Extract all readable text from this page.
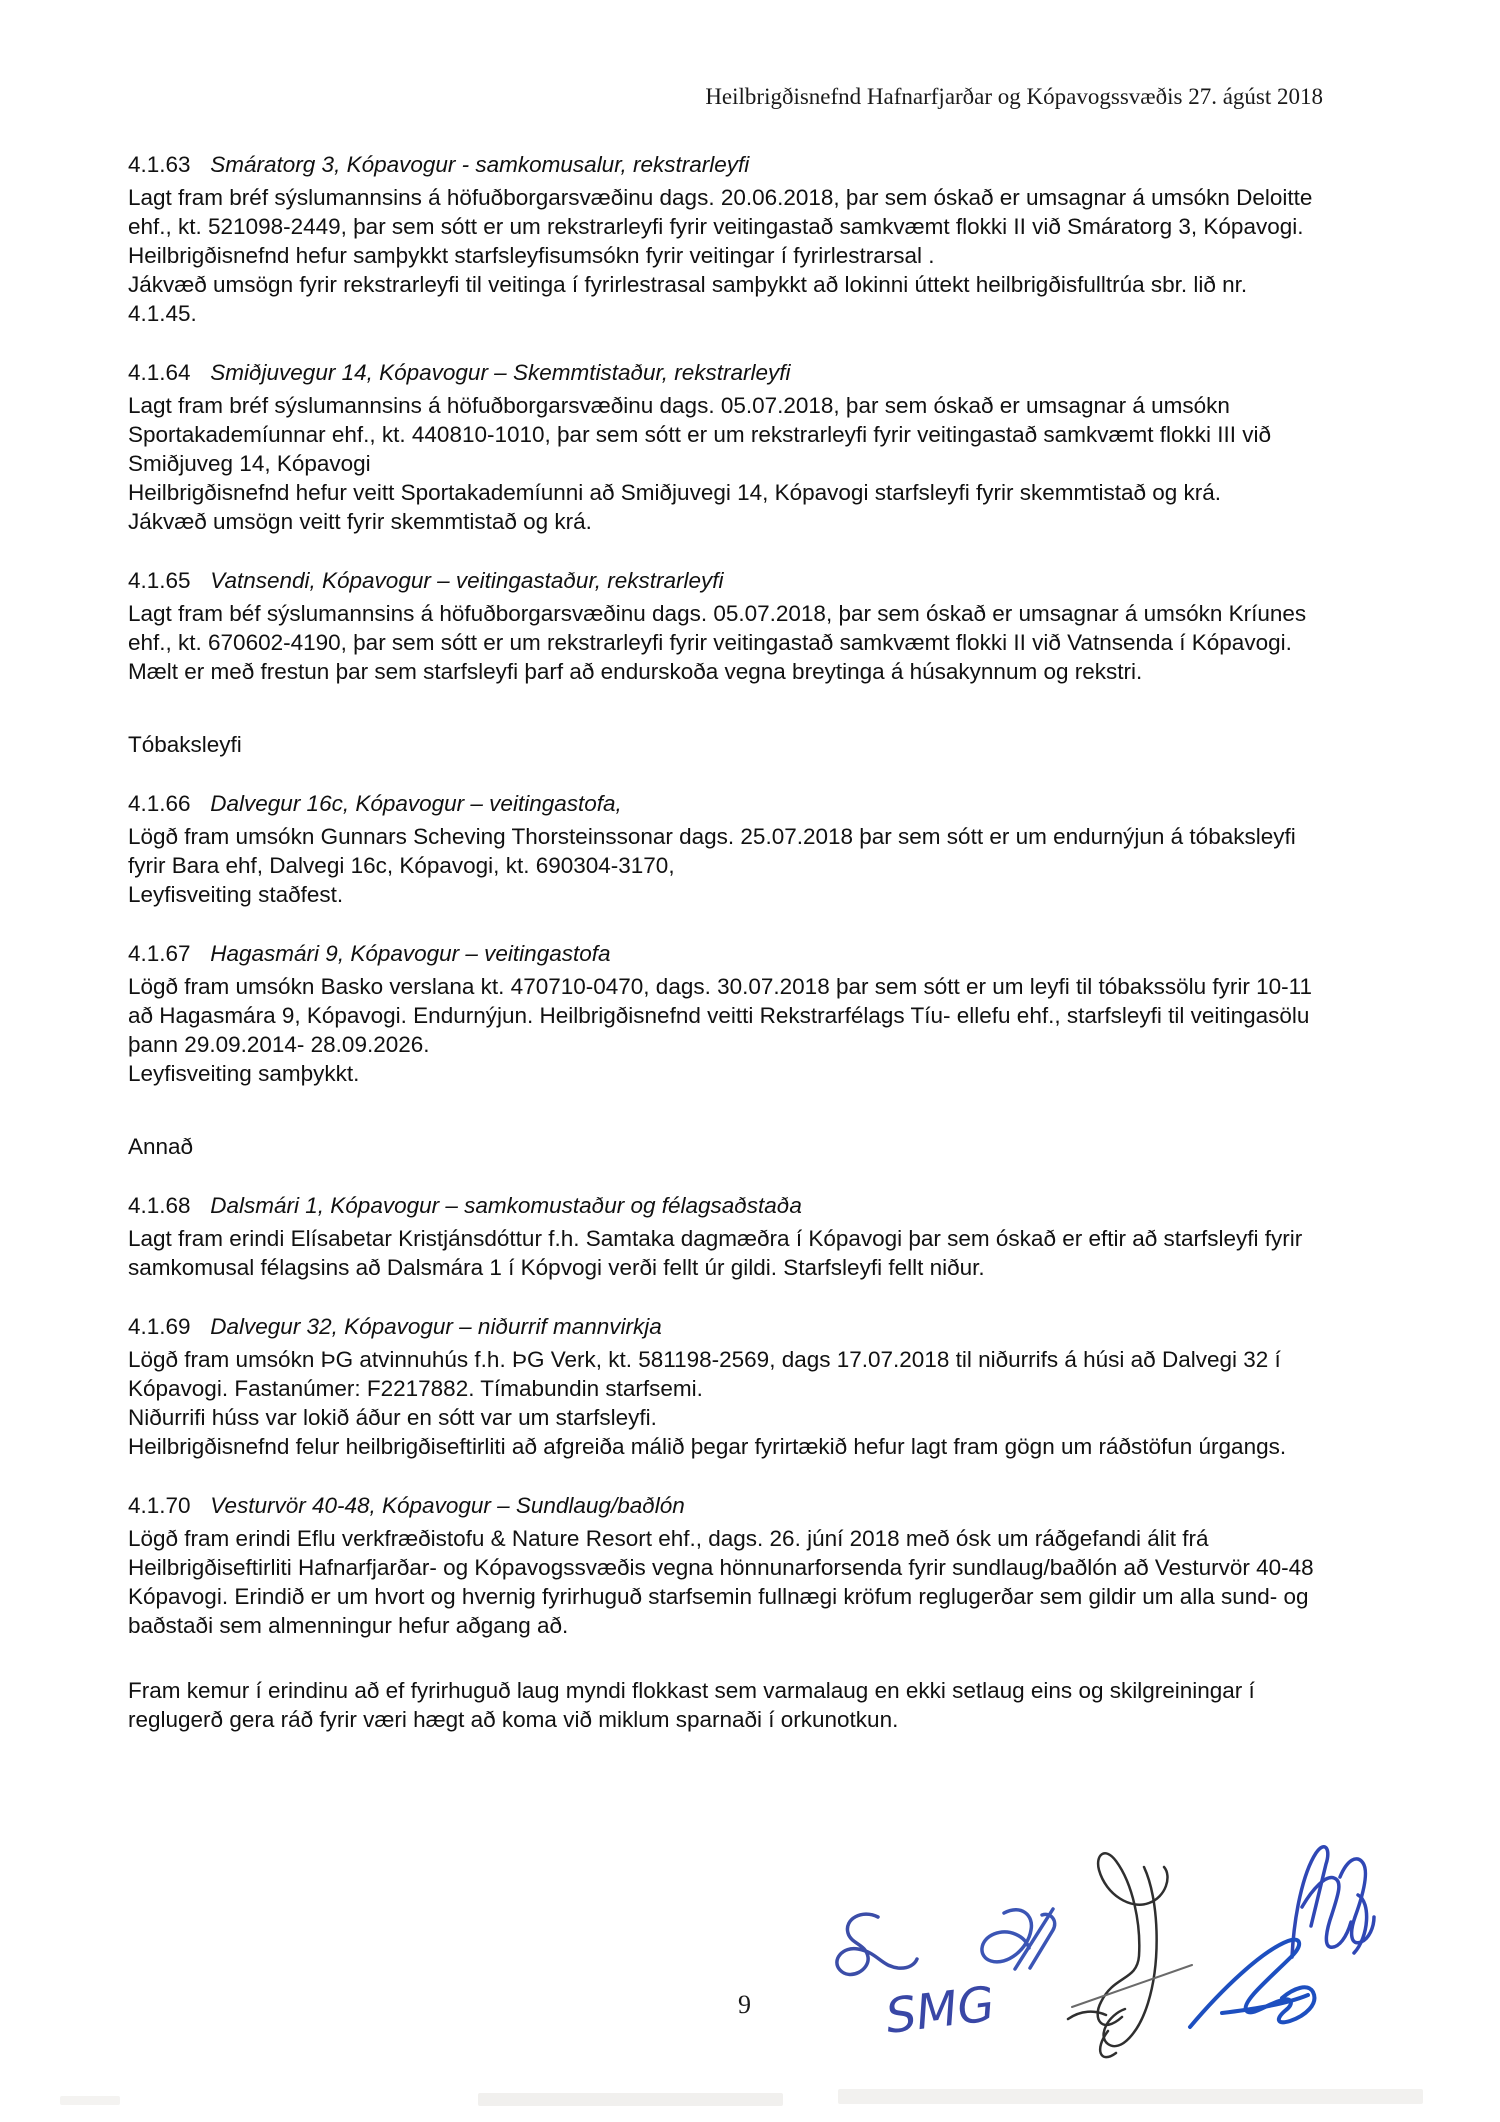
Heilbrigðisnefnd Hafnarfjarðar og Kópavogssvæðis 27. ágúst 2018
4.1.63 Smáratorg 3, Kópavogur - samkomusalur, rekstrarleyfi

Lagt fram bréf sýslumannsins á höfuðborgarsvæðinu dags. 20.06.2018, þar sem óskað er umsagnar á umsókn Deloitte ehf., kt. 521098-2449, þar sem sótt er um rekstrarleyfi fyrir veitingastað samkvæmt flokki II við Smáratorg 3, Kópavogi.

Heilbrigðisnefnd hefur samþykkt starfsleyfisumsókn fyrir veitingar í fyrirlestrarsal .

Jákvæð umsögn fyrir rekstrarleyfi til veitinga í fyrirlestrasal samþykkt að lokinni úttekt heilbrigðisfulltrúa sbr. lið nr. 4.1.45.

4.1.64 Smiðjuvegur 14, Kópavogur – Skemmtistaður, rekstrarleyfi

Lagt fram bréf sýslumannsins á höfuðborgarsvæðinu dags. 05.07.2018, þar sem óskað er umsagnar á umsókn Sportakademíunnar ehf., kt. 440810-1010, þar sem sótt er um rekstrarleyfi fyrir veitingastað samkvæmt flokki III við Smiðjuveg 14, Kópavogi

Heilbrigðisnefnd hefur veitt Sportakademíunni að Smiðjuvegi 14, Kópavogi starfsleyfi fyrir skemmtistað og krá.

Jákvæð umsögn veitt fyrir skemmtistað og krá.

4.1.65 Vatnsendi, Kópavogur – veitingastaður, rekstrarleyfi

Lagt fram béf sýslumannsins á höfuðborgarsvæðinu dags. 05.07.2018, þar sem óskað er umsagnar á umsókn Kríunes ehf., kt. 670602-4190, þar sem sótt er um rekstrarleyfi fyrir veitingastað samkvæmt flokki II við Vatnsenda í Kópavogi.

Mælt er með frestun þar sem starfsleyfi þarf að endurskoða vegna breytinga á húsakynnum og rekstri.

Tóbaksleyfi
4.1.66 Dalvegur 16c, Kópavogur – veitingastofa,

Lögð fram umsókn Gunnars Scheving Thorsteinssonar dags. 25.07.2018 þar sem sótt er um endurnýjun á tóbaksleyfi fyrir Bara ehf, Dalvegi 16c, Kópavogi, kt. 690304-3170,

Leyfisveiting staðfest.

4.1.67 Hagasmári 9, Kópavogur – veitingastofa

Lögð fram umsókn Basko verslana kt. 470710-0470, dags. 30.07.2018 þar sem sótt er um leyfi til tóbakssölu fyrir 10-11 að Hagasmára 9, Kópavogi. Endurnýjun. Heilbrigðisnefnd veitti Rekstrarfélags Tíu- ellefu ehf., starfsleyfi til veitingasölu þann 29.09.2014- 28.09.2026.

Leyfisveiting samþykkt.

Annað
4.1.68 Dalsmári 1, Kópavogur – samkomustaður og félagsaðstaða

Lagt fram erindi Elísabetar Kristjánsdóttur f.h. Samtaka dagmæðra í Kópavogi þar sem óskað er eftir að starfsleyfi fyrir samkomusal félagsins að Dalsmára 1 í Kópvogi verði fellt úr gildi. Starfsleyfi fellt niður.

4.1.69 Dalvegur 32, Kópavogur – niðurrif mannvirkja

Lögð fram umsókn ÞG atvinnuhús f.h. ÞG Verk, kt. 581198-2569, dags 17.07.2018 til niðurrifs á húsi að Dalvegi 32 í Kópavogi. Fastanúmer: F2217882. Tímabundin starfsemi.

Niðurrifi húss var lokið áður en sótt var um starfsleyfi.

Heilbrigðisnefnd felur heilbrigðiseftirliti að afgreiða málið þegar fyrirtækið hefur lagt fram gögn um ráðstöfun úrgangs.

4.1.70 Vesturvör 40-48, Kópavogur – Sundlaug/baðlón

Lögð fram erindi Eflu verkfræðistofu & Nature Resort ehf., dags. 26. júní 2018 með ósk um ráðgefandi álit frá Heilbrigðiseftirliti Hafnarfjarðar- og Kópavogssvæðis vegna hönnunarforsenda fyrir sundlaug/baðlón að Vesturvör 40-48 Kópavogi. Erindið er um hvort og hvernig fyrirhuguð starfsemin fullnægi kröfum reglugerðar sem gildir um alla sund- og baðstaði sem almenningur hefur aðgang að.

Fram kemur í erindinu að ef fyrirhuguð laug myndi flokkast sem varmalaug en ekki setlaug eins og skilgreiningar í reglugerð gera ráð fyrir væri hægt að koma við miklum sparnaði í orkunotkun.
9	SMG
